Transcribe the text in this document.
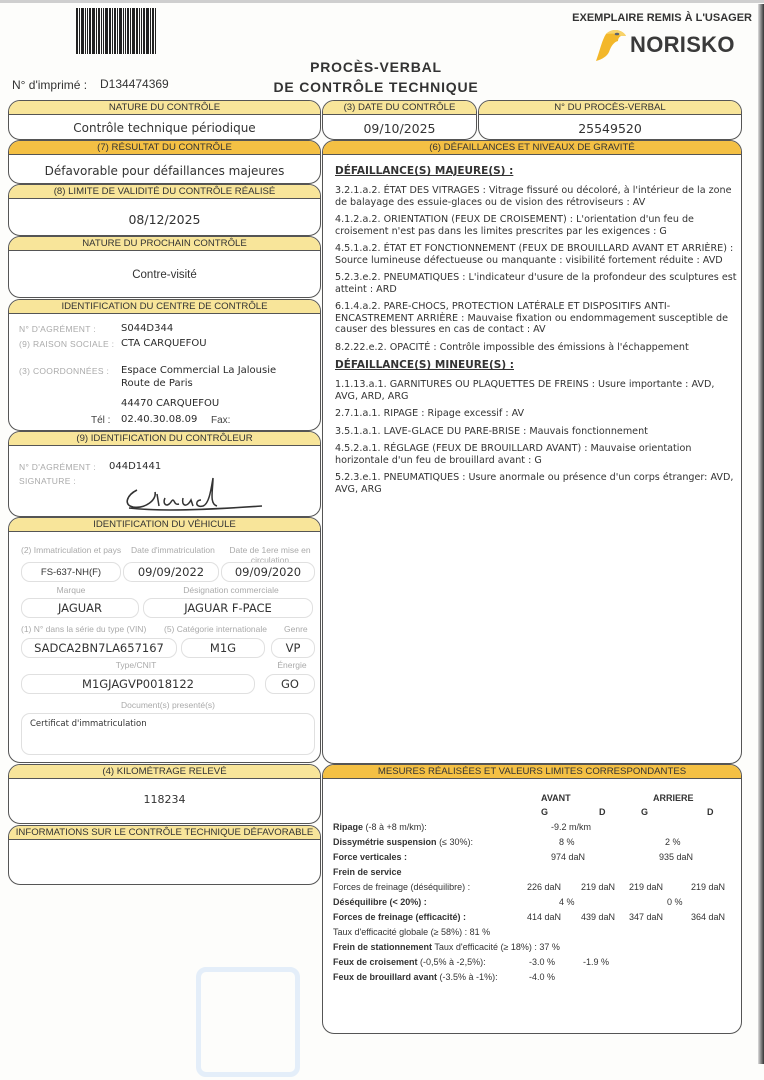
EXEMPLAIRE REMIS À L'USAGER
NORISKO
N° d'imprimé : D134474369
PROCÈS-VERBAL
DE CONTRÔLE TECHNIQUE
NATURE DU CONTRÔLE
Contrôle technique périodique
(3) DATE DU CONTRÔLE
09/10/2025
N° DU PROCÈS-VERBAL
25549520
(7) RÉSULTAT DU CONTRÔLE
Défavorable pour défaillances majeures
(8) LIMITE DE VALIDITÉ DU CONTRÔLE RÉALISÉ
08/12/2025
NATURE DU PROCHAIN CONTRÔLE
Contre-visité
IDENTIFICATION DU CENTRE DE CONTRÔLE
N° D'AGRÉMENT :	S044D344
(9) RAISON SOCIALE : CTA CARQUEFOU
(3) COORDONNÉES : Espace Commercial La Jalousie
Route de Paris
44470 CARQUEFOU
Tél : 02.40.30.08.09 Fax:
(9) IDENTIFICATION DU CONTRÔLEUR
N° D'AGRÉMENT : 044D1441
SIGNATURE :
IDENTIFICATION DU VÉHICULE
(2) Immatriculation et pays Date d'immatriculation Date de 1ere mise en circulation
FS-637-NH(F)	09/09/2022	09/09/2020
Marque	Désignation commerciale
JAGUAR	JAGUAR F-PACE
(1) N° dans la série du type (VIN) (5) Catégorie internationale Genre
SADCA2BN7LA657167	M1G	VP
Type/CNIT	Énergie
M1GJAGVP0018122	GO
Document(s) presenté(s)
Certificat d'immatriculation
(4) KILOMÉTRAGE RELEVÉ
118234
INFORMATIONS SUR LE CONTRÔLE TECHNIQUE DÉFAVORABLE
(6) DÉFAILLANCES ET NIVEAUX DE GRAVITÉ
DÉFAILLANCE(S) MAJEURE(S) :
3.2.1.a.2. ÉTAT DES VITRAGES : Vitrage fissuré ou décoloré, à l'intérieur de la zone de balayage des essuie-glaces ou de vision des rétroviseurs : AV
4.1.2.a.2. ORIENTATION (FEUX DE CROISEMENT) : L'orientation d'un feu de croisement n'est pas dans les limites prescrites par les exigences : G
4.5.1.a.2. ÉTAT ET FONCTIONNEMENT (FEUX DE BROUILLARD AVANT ET ARRIÈRE) : Source lumineuse défectueuse ou manquante : visibilité fortement réduite : AVD
5.2.3.e.2. PNEUMATIQUES : L'indicateur d'usure de la profondeur des sculptures est atteint : ARD
6.1.4.a.2. PARE-CHOCS, PROTECTION LATÉRALE ET DISPOSITIFS ANTI-ENCASTREMENT ARRIÈRE : Mauvaise fixation ou endommagement susceptible de causer des blessures en cas de contact : AV
8.2.22.e.2. OPACITÉ : Contrôle impossible des émissions à l'échappement
DÉFAILLANCE(S) MINEURE(S) :
1.1.13.a.1. GARNITURES OU PLAQUETTES DE FREINS : Usure importante : AVD, AVG, ARD, ARG
2.7.1.a.1. RIPAGE : Ripage excessif : AV
3.5.1.a.1. LAVE-GLACE DU PARE-BRISE : Mauvais fonctionnement
4.5.2.a.1. RÉGLAGE (FEUX DE BROUILLARD AVANT) : Mauvaise orientation horizontale d'un feu de brouillard avant : G
5.2.3.e.1. PNEUMATIQUES : Usure anormale ou présence d'un corps étranger: AVD, AVG, ARG
MESURES RÉALISÉES ET VALEURS LIMITES CORRESPONDANTES
AVANT	ARRIERE
G	D	G	D
Ripage (-8 à +8 m/km):	-9.2 m/km
Dissymétrie suspension (≤ 30%):	8 %	2 %
Force verticales :	974 daN	935 daN
Frein de service
Forces de freinage (déséquilibre) :	226 daN 219 daN 219 daN	219 daN
Déséquilibre (< 20%) :	4 %	0 %
Forces de freinage (efficacité) :	414 daN 439 daN 347 daN	364 daN
Taux d'efficacité globale (≥ 58%) : 81 %
Frein de stationnement Taux d'efficacité (≥ 18%) : 37 %
Feux de croisement (-0,5% à -2,5%):	-3.0 %	-1.9 %
Feux de brouillard avant (-3.5% à -1%):	-4.0 %
